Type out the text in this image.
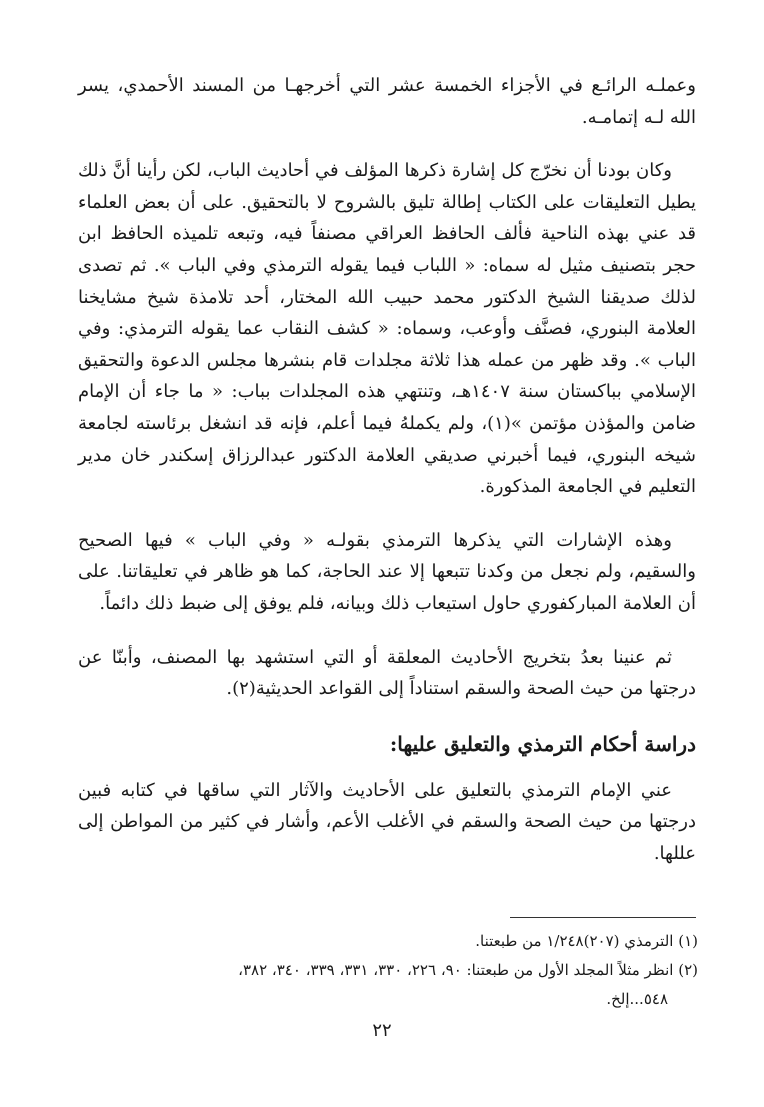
وعملـه الرائـع في الأجزاء الخمسة عشر التي أخرجهـا من المسند الأحمدي، يسر الله لـه إتمامـه.

وكان بودنا أن نخرّج كل إشارة ذكرها المؤلف في أحاديث الباب، لكن رأينا أنَّ ذلك يطيل التعليقات على الكتاب إطالة تليق بالشروح لا بالتحقيق. على أن بعض العلماء قد عني بهذه الناحية فألف الحافظ العراقي مصنفاً فيه، وتبعه تلميذه الحافظ ابن حجر بتصنيف مثيل له سماه: « اللباب فيما يقوله الترمذي وفي الباب ». ثم تصدى لذلك صديقنا الشيخ الدكتور محمد حبيب الله المختار، أحد تلامذة شيخ مشايخنا العلامة البنوري، فصنَّف وأوعب، وسماه: « كشف النقاب عما يقوله الترمذي: وفي الباب ». وقد ظهر من عمله هذا ثلاثة مجلدات قام بنشرها مجلس الدعوة والتحقيق الإسلامي بباكستان سنة ١٤٠٧هـ، وتنتهي هذه المجلدات بباب: « ما جاء أن الإمام ضامن والمؤذن مؤتمن »(١)، ولم يكملهُ فيما أعلم، فإنه قد انشغل برئاسته لجامعة شيخه البنوري، فيما أخبرني صديقي العلامة الدكتور عبدالرزاق إسكندر خان مدير التعليم في الجامعة المذكورة.

وهذه الإشارات التي يذكرها الترمذي بقولـه « وفي الباب » فيها الصحيح والسقيم، ولم نجعل من وكدنا تتبعها إلا عند الحاجة، كما هو ظاهر في تعليقاتنا. على أن العلامة المباركفوري حاول استيعاب ذلك وبيانه، فلم يوفق إلى ضبط ذلك دائماً.

ثم عنينا بعدُ بتخريج الأحاديث المعلقة أو التي استشهد بها المصنف، وأبنّا عن درجتها من حيث الصحة والسقم استناداً إلى القواعد الحديثية(٢).

دراسة أحكام الترمذي والتعليق عليها:

عني الإمام الترمذي بالتعليق على الأحاديث والآثار التي ساقها في كتابه فبين درجتها من حيث الصحة والسقم في الأغلب الأعم، وأشار في كثير من المواطن إلى عللها.

(١) الترمذي (٢٠٧)١/٢٤٨ من طبعتنا.

(٢) انظر مثلاً المجلد الأول من طبعتنا: ٩٠، ٢٢٦، ٣٣٠، ٣٣١، ٣٣٩، ٣٤٠، ٣٨٢،

٥٤٨...إلخ.

٢٢
